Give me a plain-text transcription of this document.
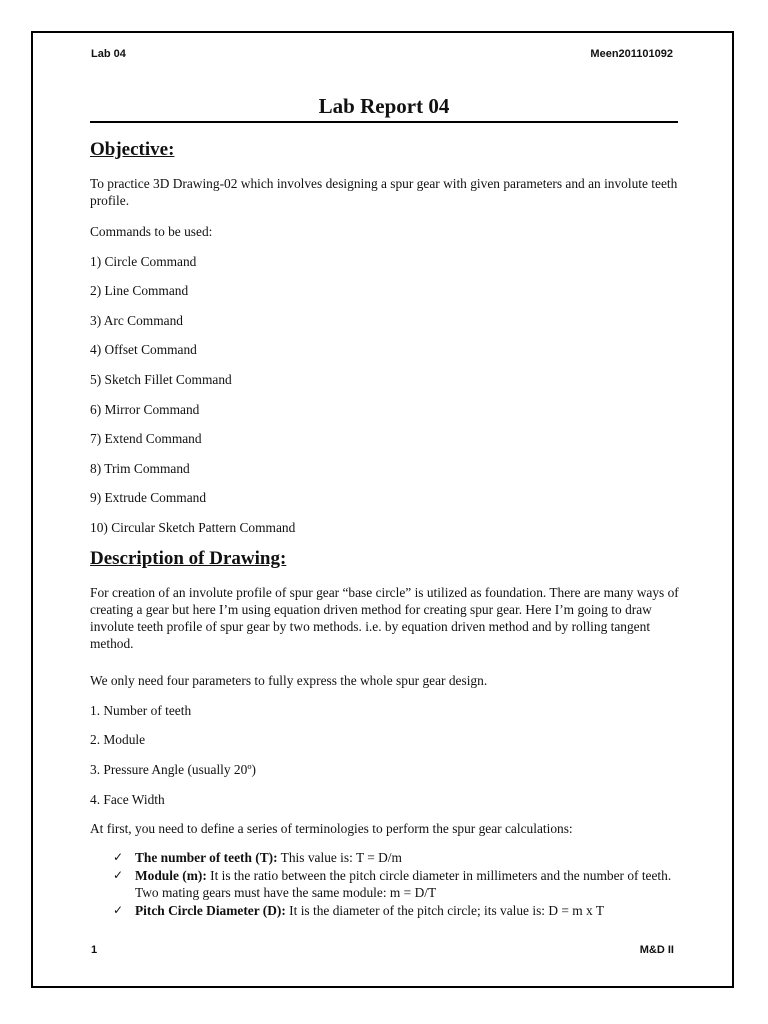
Lab 04	Meen201101092
Lab Report 04
Objective:
To practice 3D Drawing-02 which involves designing a spur gear with given parameters and an involute teeth profile.
Commands to be used:
1) Circle Command
2) Line Command
3) Arc Command
4) Offset Command
5) Sketch Fillet Command
6) Mirror Command
7) Extend Command
8) Trim Command
9) Extrude Command
10) Circular Sketch Pattern Command
Description of Drawing:
For creation of an involute profile of spur gear “base circle” is utilized as foundation. There are many ways of creating a gear but here I’m using equation driven method for creating spur gear. Here I’m going to draw involute teeth profile of spur gear by two methods. i.e. by equation driven method and by rolling tangent method.
We only need four parameters to fully express the whole spur gear design.
1. Number of teeth
2. Module
3. Pressure Angle (usually 20º)
4. Face Width
At first, you need to define a series of terminologies to perform the spur gear calculations:
✓ The number of teeth (T): This value is: T = D/m
✓ Module (m): It is the ratio between the pitch circle diameter in millimeters and the number of teeth. Two mating gears must have the same module: m = D/T
✓ Pitch Circle Diameter (D): It is the diameter of the pitch circle; its value is: D = m x T
1	M&D II
